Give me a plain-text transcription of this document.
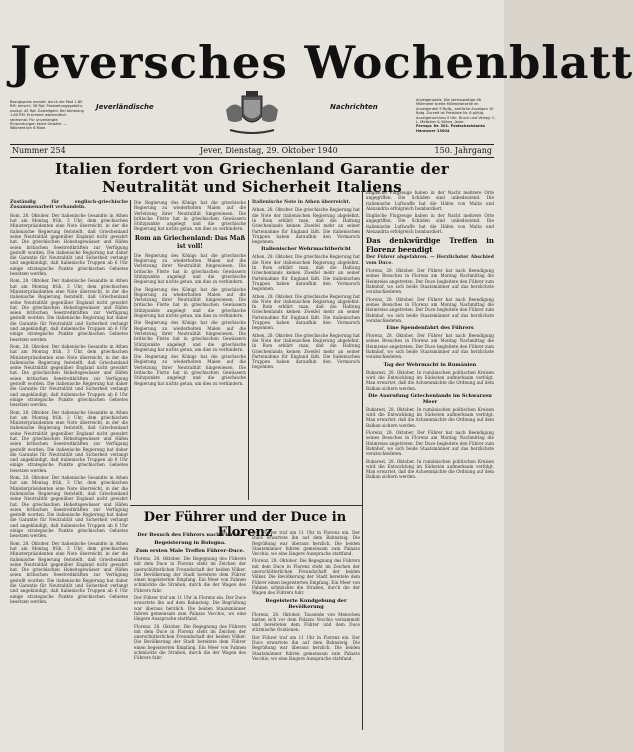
Jeversches Wochenblatt
Bezugspreis monatl. durch die Post 1.80 RM. einschl. 36 Rpf. Postzeitungsgebühr, zuzügl. 42 Rpf. Zustellgeld. Bei Abholung 1.60 RM. Erscheint wöchentlich sechsmal. Für unverlangte Einsendungen keine Gewähr. — Wöchentlich 6 Male.
Jeverländische	Nachrichten
Anzeigenpreis: Die sechsspaltige 46 Millimeter breite Millimeterzeile im Anzeigenteil 9 Rpfg., amtliche Anzeigen 10 Rpfg. Zurzeit ist Preisliste Nr. 6 gültig. Anzeigenschluss 9 Uhr. Druck und Verlag: C. L. Mettcker & Söhne, Jever.
Fernspr. Nr. 301. Postscheckkonto Hannover 13004
Nummer 254	Jever, Dienstag, 29. Oktober 1940	150. Jahrgang
Italien fordert von Griechenland Garantie der Neutralität und Sicherheit Italiens

Zuständig für englisch-griechische Zusammenarbeit verhandeln.

Rom, 28. Oktober. Der italienische Gesandte in Athen hat am Montag früh, 3 Uhr, dem griechischen Ministerpräsidenten eine Note überreicht, in der die italienische Regierung feststellt, daß Griechenland seine Neutralität gegenüber England nicht gewahrt hat. Die griechischen Hoheitsgewässer und Häfen seien britischen Seestreitkräften zur Verfügung gestellt worden. Die italienische Regierung hat daher die Garantie für Neutralität und Sicherheit verlangt und angekündigt, daß italienische Truppen ab 6 Uhr einige strategische Punkte griechischen Gebietes besetzen werden.

Rom, 28. Oktober. Der italienische Gesandte in Athen hat am Montag früh, 3 Uhr, dem griechischen Ministerpräsidenten eine Note überreicht, in der die italienische Regierung feststellt, daß Griechenland seine Neutralität gegenüber England nicht gewahrt hat. Die griechischen Hoheitsgewässer und Häfen seien britischen Seestreitkräften zur Verfügung gestellt worden. Die italienische Regierung hat daher die Garantie für Neutralität und Sicherheit verlangt und angekündigt, daß italienische Truppen ab 6 Uhr einige strategische Punkte griechischen Gebietes besetzen werden.

Rom, 28. Oktober. Der italienische Gesandte in Athen hat am Montag früh, 3 Uhr, dem griechischen Ministerpräsidenten eine Note überreicht, in der die italienische Regierung feststellt, daß Griechenland seine Neutralität gegenüber England nicht gewahrt hat. Die griechischen Hoheitsgewässer und Häfen seien britischen Seestreitkräften zur Verfügung gestellt worden. Die italienische Regierung hat daher die Garantie für Neutralität und Sicherheit verlangt und angekündigt, daß italienische Truppen ab 6 Uhr einige strategische Punkte griechischen Gebietes besetzen werden.

Rom, 28. Oktober. Der italienische Gesandte in Athen hat am Montag früh, 3 Uhr, dem griechischen Ministerpräsidenten eine Note überreicht, in der die italienische Regierung feststellt, daß Griechenland seine Neutralität gegenüber England nicht gewahrt hat. Die griechischen Hoheitsgewässer und Häfen seien britischen Seestreitkräften zur Verfügung gestellt worden. Die italienische Regierung hat daher die Garantie für Neutralität und Sicherheit verlangt und angekündigt, daß italienische Truppen ab 6 Uhr einige strategische Punkte griechischen Gebietes besetzen werden.

Rom, 28. Oktober. Der italienische Gesandte in Athen hat am Montag früh, 3 Uhr, dem griechischen Ministerpräsidenten eine Note überreicht, in der die italienische Regierung feststellt, daß Griechenland seine Neutralität gegenüber England nicht gewahrt hat. Die griechischen Hoheitsgewässer und Häfen seien britischen Seestreitkräften zur Verfügung gestellt worden. Die italienische Regierung hat daher die Garantie für Neutralität und Sicherheit verlangt und angekündigt, daß italienische Truppen ab 6 Uhr einige strategische Punkte griechischen Gebietes besetzen werden.

Rom, 28. Oktober. Der italienische Gesandte in Athen hat am Montag früh, 3 Uhr, dem griechischen Ministerpräsidenten eine Note überreicht, in der die italienische Regierung feststellt, daß Griechenland seine Neutralität gegenüber England nicht gewahrt hat. Die griechischen Hoheitsgewässer und Häfen seien britischen Seestreitkräften zur Verfügung gestellt worden. Die italienische Regierung hat daher die Garantie für Neutralität und Sicherheit verlangt und angekündigt, daß italienische Truppen ab 6 Uhr einige strategische Punkte griechischen Gebietes besetzen werden.

Die Regierung des Königs hat die griechische Regierung zu wiederholten Malen auf die Verletzung ihrer Neutralität hingewiesen. Die britische Flotte hat in griechischen Gewässern Stützpunkte angelegt und die griechische Regierung hat nichts getan, um dies zu verhindern.

Rom an Griechenland: Das Maß ist voll!

Die Regierung des Königs hat die griechische Regierung zu wiederholten Malen auf die Verletzung ihrer Neutralität hingewiesen. Die britische Flotte hat in griechischen Gewässern Stützpunkte angelegt und die griechische Regierung hat nichts getan, um dies zu verhindern.

Die Regierung des Königs hat die griechische Regierung zu wiederholten Malen auf die Verletzung ihrer Neutralität hingewiesen. Die britische Flotte hat in griechischen Gewässern Stützpunkte angelegt und die griechische Regierung hat nichts getan, um dies zu verhindern.

Die Regierung des Königs hat die griechische Regierung zu wiederholten Malen auf die Verletzung ihrer Neutralität hingewiesen. Die britische Flotte hat in griechischen Gewässern Stützpunkte angelegt und die griechische Regierung hat nichts getan, um dies zu verhindern.

Die Regierung des Königs hat die griechische Regierung zu wiederholten Malen auf die Verletzung ihrer Neutralität hingewiesen. Die britische Flotte hat in griechischen Gewässern Stützpunkte angelegt und die griechische Regierung hat nichts getan, um dies zu verhindern.

Italienische Note in Athen überreicht.

Athen, 28. Oktober. Die griechische Regierung hat die Note der italienischen Regierung abgelehnt. In Rom erklärt man, daß die Haltung Griechenlands keinen Zweifel mehr an seiner Parteinahme für England läßt. Die italienischen Truppen haben daraufhin den Vormarsch begonnen.

Italienischer Wehrmachtbericht

Athen, 28. Oktober. Die griechische Regierung hat die Note der italienischen Regierung abgelehnt. In Rom erklärt man, daß die Haltung Griechenlands keinen Zweifel mehr an seiner Parteinahme für England läßt. Die italienischen Truppen haben daraufhin den Vormarsch begonnen.

Athen, 28. Oktober. Die griechische Regierung hat die Note der italienischen Regierung abgelehnt. In Rom erklärt man, daß die Haltung Griechenlands keinen Zweifel mehr an seiner Parteinahme für England läßt. Die italienischen Truppen haben daraufhin den Vormarsch begonnen.

Athen, 28. Oktober. Die griechische Regierung hat die Note der italienischen Regierung abgelehnt. In Rom erklärt man, daß die Haltung Griechenlands keinen Zweifel mehr an seiner Parteinahme für England läßt. Die italienischen Truppen haben daraufhin den Vormarsch begonnen.

Englische Flugzeuge haben in der Nacht mehrere Orte angegriffen. Die Schäden sind unbedeutend. Die italienische Luftwaffe hat die Häfen von Malta und Alexandria erfolgreich bombardiert.

Englische Flugzeuge haben in der Nacht mehrere Orte angegriffen. Die Schäden sind unbedeutend. Die italienische Luftwaffe hat die Häfen von Malta und Alexandria erfolgreich bombardiert.

Das denkwürdige Treffen in Florenz beendigt

Der Führer abgefahren. — Herzlichster Abschied vom Duce.

Florenz, 28. Oktober. Der Führer hat nach Beendigung seines Besuches in Florenz am Montag Nachmittag die Heimreise angetreten. Der Duce begleitete den Führer zum Bahnhof, wo sich beide Staatsmänner auf das herzlichste verabschiedeten.

Florenz, 28. Oktober. Der Führer hat nach Beendigung seines Besuches in Florenz am Montag Nachmittag die Heimreise angetreten. Der Duce begleitete den Führer zum Bahnhof, wo sich beide Staatsmänner auf das herzlichste verabschiedeten.

Eine Spendenfahrt des Führers

Florenz, 28. Oktober. Der Führer hat nach Beendigung seines Besuches in Florenz am Montag Nachmittag die Heimreise angetreten. Der Duce begleitete den Führer zum Bahnhof, wo sich beide Staatsmänner auf das herzlichste verabschiedeten.

Tag der Wehrmacht in Rumänien

Bukarest, 28. Oktober. In rumänischen politischen Kreisen wird die Entwicklung im Südosten aufmerksam verfolgt. Man erwartet, daß die Achsenmächte die Ordnung auf dem Balkan sichern werden.

Die Ausrufung Griechenlands im Schwarzen Meer

Bukarest, 28. Oktober. In rumänischen politischen Kreisen wird die Entwicklung im Südosten aufmerksam verfolgt. Man erwartet, daß die Achsenmächte die Ordnung auf dem Balkan sichern werden.

Florenz, 28. Oktober. Der Führer hat nach Beendigung seines Besuches in Florenz am Montag Nachmittag die Heimreise angetreten. Der Duce begleitete den Führer zum Bahnhof, wo sich beide Staatsmänner auf das herzlichste verabschiedeten.

Bukarest, 28. Oktober. In rumänischen politischen Kreisen wird die Entwicklung im Südosten aufmerksam verfolgt. Man erwartet, daß die Achsenmächte die Ordnung auf dem Balkan sichern werden.

Der Führer und der Duce in Florenz
Der Besuch des Führers nach Florenz
Begeisterung in Bologna.
Zum ersten Male Treffen Führer–Duce.

Florenz, 28. Oktober. Die Begegnung des Führers mit dem Duce in Florenz steht im Zeichen der unerschütterlichen Freundschaft der beiden Völker. Die Bevölkerung der Stadt bereitete dem Führer einen begeisterten Empfang. Ein Meer von Fahnen schmückte die Straßen, durch die der Wagen des Führers fuhr.

Der Führer traf um 11 Uhr in Florenz ein. Der Duce erwartete ihn auf dem Bahnsteig. Die Begrüßung war überaus herzlich. Die beiden Staatsmänner fuhren gemeinsam zum Palazzo Vecchio, wo eine längere Aussprache stattfand.

Florenz, 28. Oktober. Die Begegnung des Führers mit dem Duce in Florenz steht im Zeichen der unerschütterlichen Freundschaft der beiden Völker. Die Bevölkerung der Stadt bereitete dem Führer einen begeisterten Empfang. Ein Meer von Fahnen schmückte die Straßen, durch die der Wagen des Führers fuhr.

Der Führer traf um 11 Uhr in Florenz ein. Der Duce erwartete ihn auf dem Bahnsteig. Die Begrüßung war überaus herzlich. Die beiden Staatsmänner fuhren gemeinsam zum Palazzo Vecchio, wo eine längere Aussprache stattfand.

Florenz, 28. Oktober. Die Begegnung des Führers mit dem Duce in Florenz steht im Zeichen der unerschütterlichen Freundschaft der beiden Völker. Die Bevölkerung der Stadt bereitete dem Führer einen begeisterten Empfang. Ein Meer von Fahnen schmückte die Straßen, durch die der Wagen des Führers fuhr.

Begeisterte Kundgebung der Bevölkerung

Florenz, 28. Oktober. Tausende von Menschen hatten sich vor dem Palazzo Vecchio versammelt und bereiteten dem Führer und dem Duce stürmische Ovationen.

Der Führer traf um 11 Uhr in Florenz ein. Der Duce erwartete ihn auf dem Bahnsteig. Die Begrüßung war überaus herzlich. Die beiden Staatsmänner fuhren gemeinsam zum Palazzo Vecchio, wo eine längere Aussprache stattfand.
